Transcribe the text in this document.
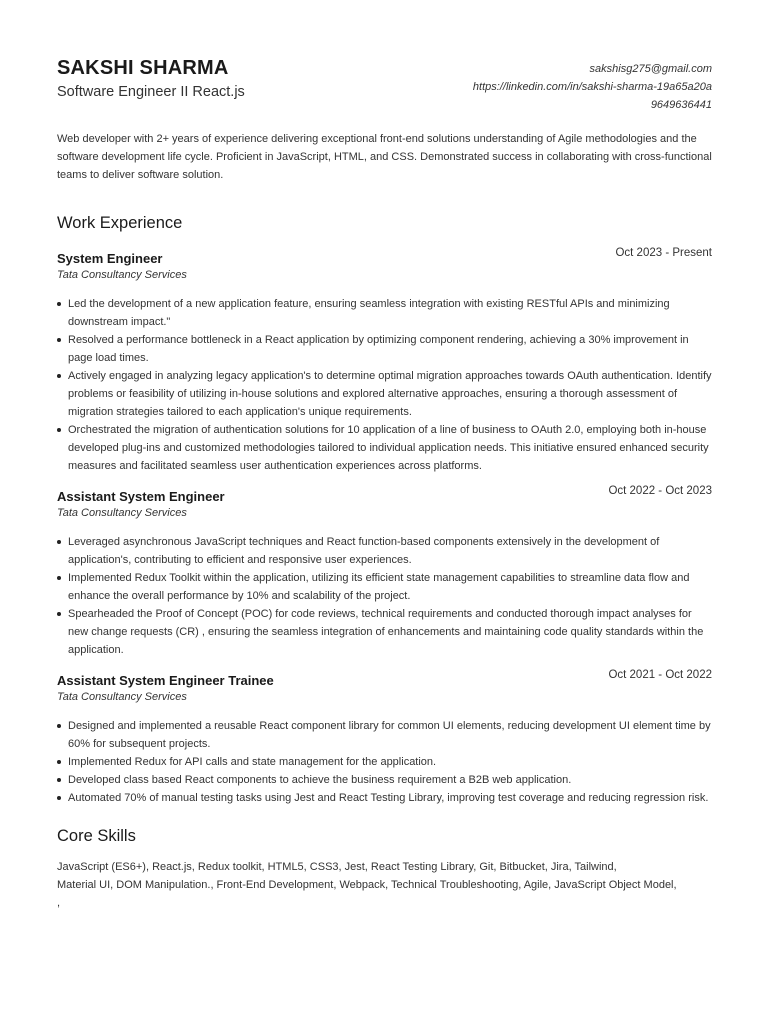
SAKSHI SHARMA
Software Engineer II React.js
sakshisg275@gmail.com
https://linkedin.com/in/sakshi-sharma-19a65a20a
9649636441
Web developer with 2+ years of experience delivering exceptional front-end solutions understanding of Agile methodologies and the software development life cycle. Proficient in JavaScript, HTML, and CSS. Demonstrated success in collaborating with cross-functional teams to deliver software solution.
Work Experience
System Engineer	Oct 2023 - Present
Tata Consultancy Services
Led the development of a new application feature, ensuring seamless integration with existing RESTful APIs and minimizing downstream impact."
Resolved a performance bottleneck in a React application by optimizing component rendering, achieving a 30% improvement in page load times.
Actively engaged in analyzing legacy application's to determine optimal migration approaches towards OAuth authentication. Identify problems or feasibility of utilizing in-house solutions and explored alternative approaches, ensuring a thorough assessment of migration strategies tailored to each application's unique requirements.
Orchestrated the migration of authentication solutions for 10 application of a line of business to OAuth 2.0, employing both in-house developed plug-ins and customized methodologies tailored to individual application needs. This initiative ensured enhanced security measures and facilitated seamless user authentication experiences across platforms.
Assistant System Engineer	Oct 2022 - Oct 2023
Tata Consultancy Services
Leveraged asynchronous JavaScript techniques and React function-based components extensively in the development of application's, contributing to efficient and responsive user experiences.
Implemented Redux Toolkit within the application, utilizing its efficient state management capabilities to streamline data flow and enhance the overall performance by 10% and scalability of the project.
Spearheaded the Proof of Concept (POC) for code reviews, technical requirements and conducted thorough impact analyses for new change requests (CR) , ensuring the seamless integration of enhancements and maintaining code quality standards within the application.
Assistant System Engineer Trainee	Oct 2021 - Oct 2022
Tata Consultancy Services
Designed and implemented a reusable React component library for common UI elements, reducing development UI element time by 60% for subsequent projects.
Implemented Redux for API calls and state management for the application.
Developed class based React components to achieve the business requirement a B2B web application.
Automated 70% of manual testing tasks using Jest and React Testing Library, improving test coverage and reducing regression risk.
Core Skills
JavaScript (ES6+), React.js, Redux toolkit, HTML5, CSS3, Jest, React Testing Library, Git, Bitbucket, Jira, Tailwind,
Material UI, DOM Manipulation., Front-End Development, Webpack, Technical Troubleshooting, Agile, JavaScript Object Model,
,
